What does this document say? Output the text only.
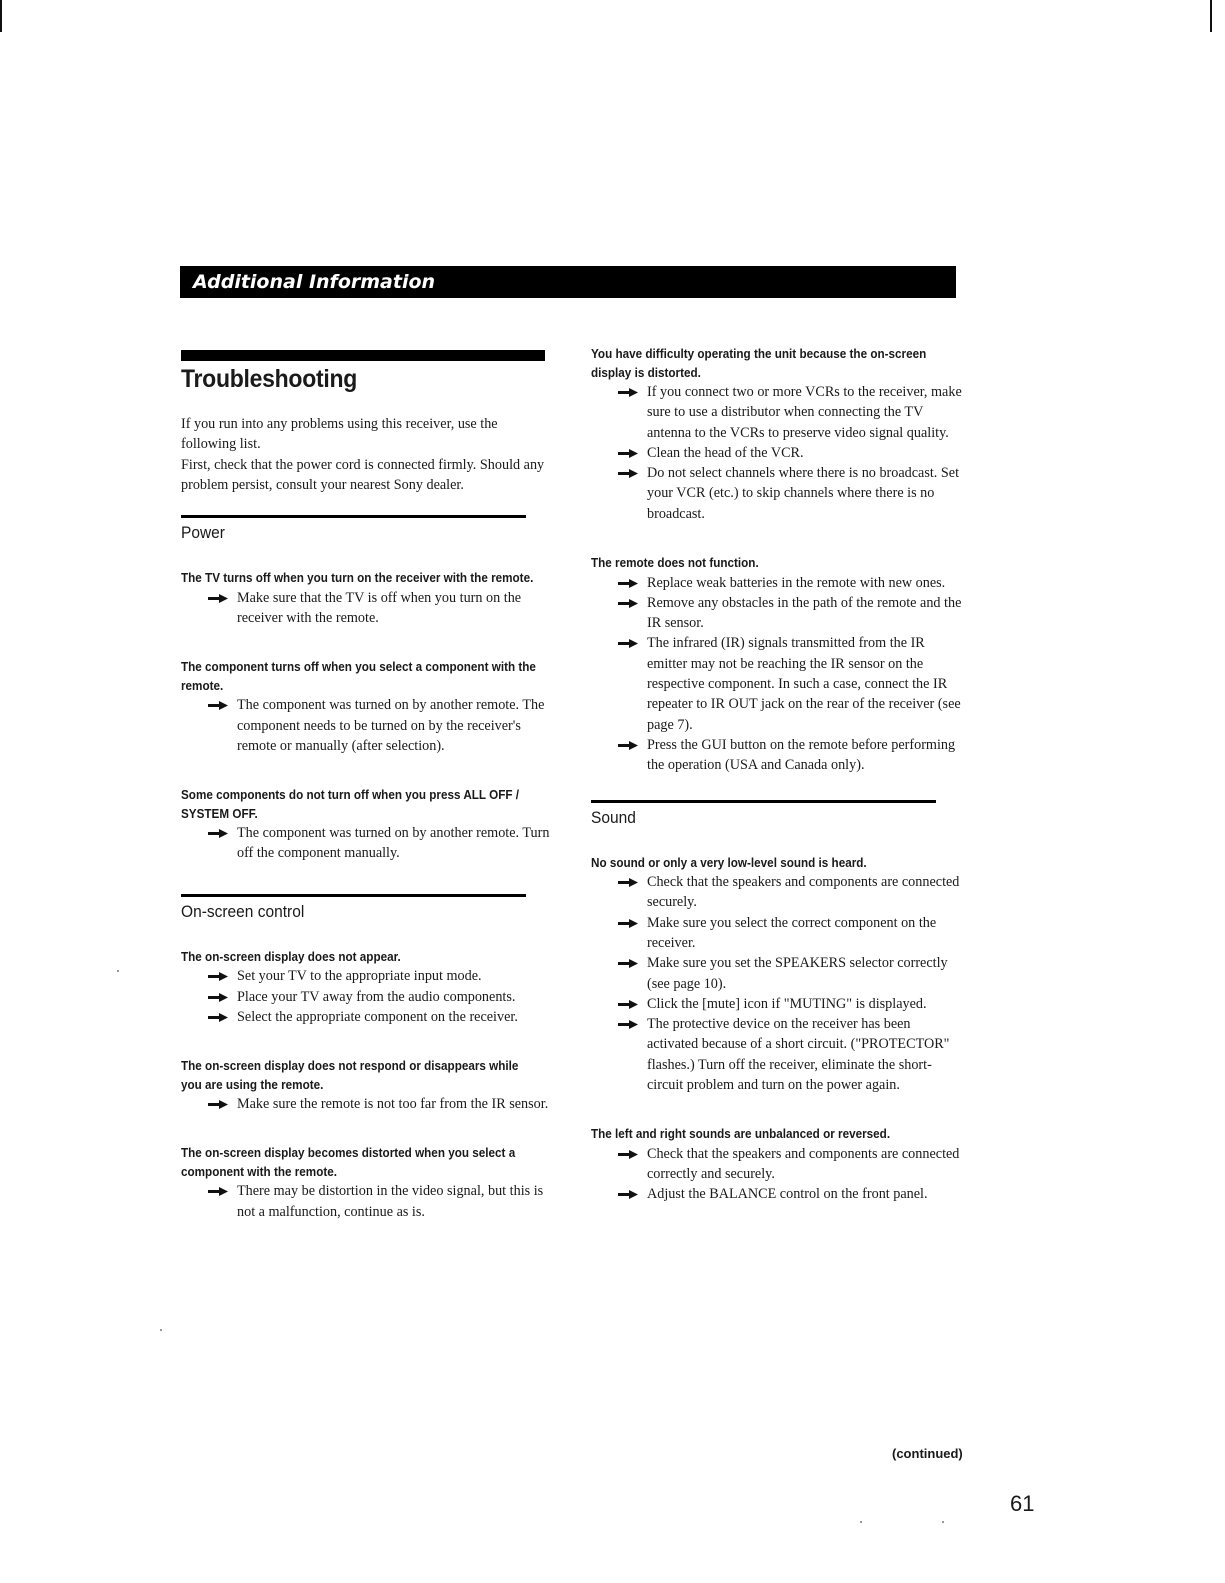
Additional Information
Troubleshooting

If you run into any problems using this receiver, use the following list.

First, check that the power cord is connected firmly. Should any problem persist, consult your nearest Sony dealer.

Power

The TV turns off when you turn on the receiver with the remote.

Make sure that the TV is off when you turn on the receiver with the remote.

The component turns off when you select a component with the remote.

The component was turned on by another remote. The component needs to be turned on by the receiver's remote or manually (after selection).

Some components do not turn off when you press ALL OFF / SYSTEM OFF.

The component was turned on by another remote. Turn off the component manually.
On-screen control

The on-screen display does not appear.

Set your TV to the appropriate input mode.
Place your TV away from the audio components.
Select the appropriate component on the receiver.

The on-screen display does not respond or disappears while you are using the remote.

Make sure the remote is not too far from the IR sensor.

The on-screen display becomes distorted when you select a component with the remote.

There may be distortion in the video signal, but this is not a malfunction, continue as is.

You have difficulty operating the unit because the on-screen display is distorted.

If you connect two or more VCRs to the receiver, make sure to use a distributor when connecting the TV antenna to the VCRs to preserve video signal quality.
Clean the head of the VCR.
Do not select channels where there is no broadcast. Set your VCR (etc.) to skip channels where there is no broadcast.

The remote does not function.

Replace weak batteries in the remote with new ones.
Remove any obstacles in the path of the remote and the IR sensor.
The infrared (IR) signals transmitted from the IR emitter may not be reaching the IR sensor on the respective component. In such a case, connect the IR repeater to IR OUT jack on the rear of the receiver (see page 7).
Press the GUI button on the remote before performing the operation (USA and Canada only).
Sound

No sound or only a very low-level sound is heard.

Check that the speakers and components are connected securely.
Make sure you select the correct component on the receiver.
Make sure you set the SPEAKERS selector correctly (see page 10).
Click the [mute] icon if "MUTING" is displayed.
The protective device on the receiver has been activated because of a short circuit. ("PROTECTOR" flashes.) Turn off the receiver, eliminate the short-circuit problem and turn on the power again.

The left and right sounds are unbalanced or reversed.

Check that the speakers and components are connected correctly and securely.
Adjust the BALANCE control on the front panel.
(continued)
61
